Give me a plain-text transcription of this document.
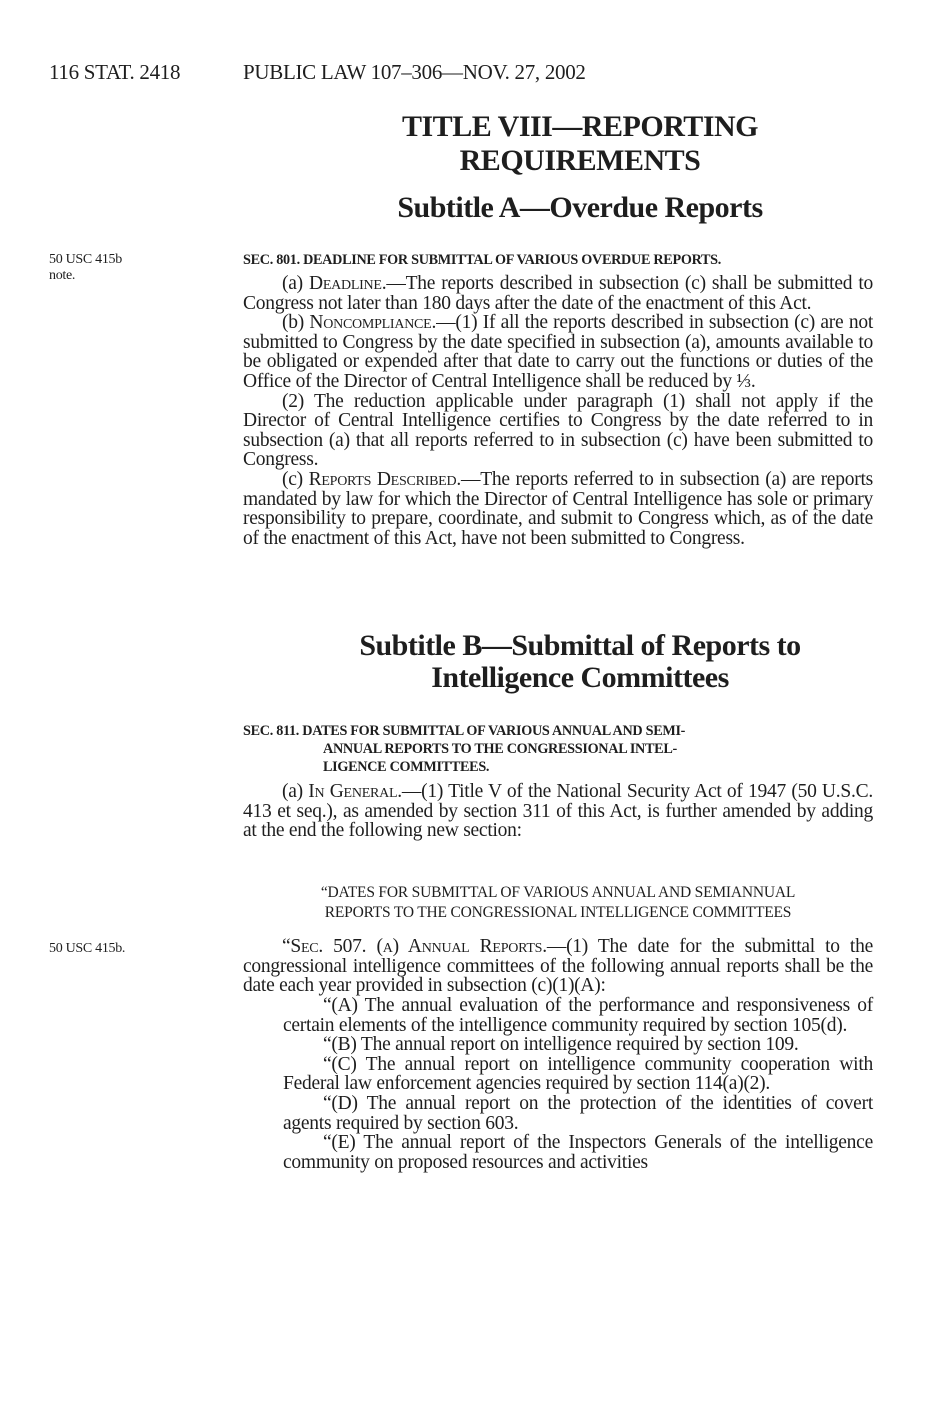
116 STAT. 2418	PUBLIC LAW 107–306—NOV. 27, 2002
TITLE VIII—REPORTING
REQUIREMENTS
Subtitle A—Overdue Reports
50 USC 415b
note.
SEC. 801. DEADLINE FOR SUBMITTAL OF VARIOUS OVERDUE REPORTS.

(a) Deadline.—The reports described in subsection (c) shall be submitted to Congress not later than 180 days after the date of the enactment of this Act.

(b) Noncompliance.—(1) If all the reports described in subsection (c) are not submitted to Congress by the date specified in subsection (a), amounts available to be obligated or expended after that date to carry out the functions or duties of the Office of the Director of Central Intelligence shall be reduced by ⅓.

(2) The reduction applicable under paragraph (1) shall not apply if the Director of Central Intelligence certifies to Congress by the date referred to in subsection (a) that all reports referred to in subsection (c) have been submitted to Congress.

(c) Reports Described.—The reports referred to in subsection (a) are reports mandated by law for which the Director of Central Intelligence has sole or primary responsibility to prepare, coordinate, and submit to Congress which, as of the date of the enactment of this Act, have not been submitted to Congress.

Subtitle B—Submittal of Reports to
Intelligence Committees
SEC. 811. DATES FOR SUBMITTAL OF VARIOUS ANNUAL AND SEMI-
ANNUAL REPORTS TO THE CONGRESSIONAL INTEL-
LIGENCE COMMITTEES.

(a) In General.—(1) Title V of the National Security Act of 1947 (50 U.S.C. 413 et seq.), as amended by section 311 of this Act, is further amended by adding at the end the following new section:

“DATES FOR SUBMITTAL OF VARIOUS ANNUAL AND SEMIANNUAL
REPORTS TO THE CONGRESSIONAL INTELLIGENCE COMMITTEES
50 USC 415b.	“Sec. 507. (a) Annual Reports.—(1) The date for the submittal to the congressional intelligence committees of the following annual reports shall be the date each year provided in subsection (c)(1)(A):

“(A) The annual evaluation of the performance and responsiveness of certain elements of the intelligence community required by section 105(d).

“(B) The annual report on intelligence required by section 109.

“(C) The annual report on intelligence community cooperation with Federal law enforcement agencies required by section 114(a)(2).

“(D) The annual report on the protection of the identities of covert agents required by section 603.

“(E) The annual report of the Inspectors Generals of the intelligence community on proposed resources and activities
